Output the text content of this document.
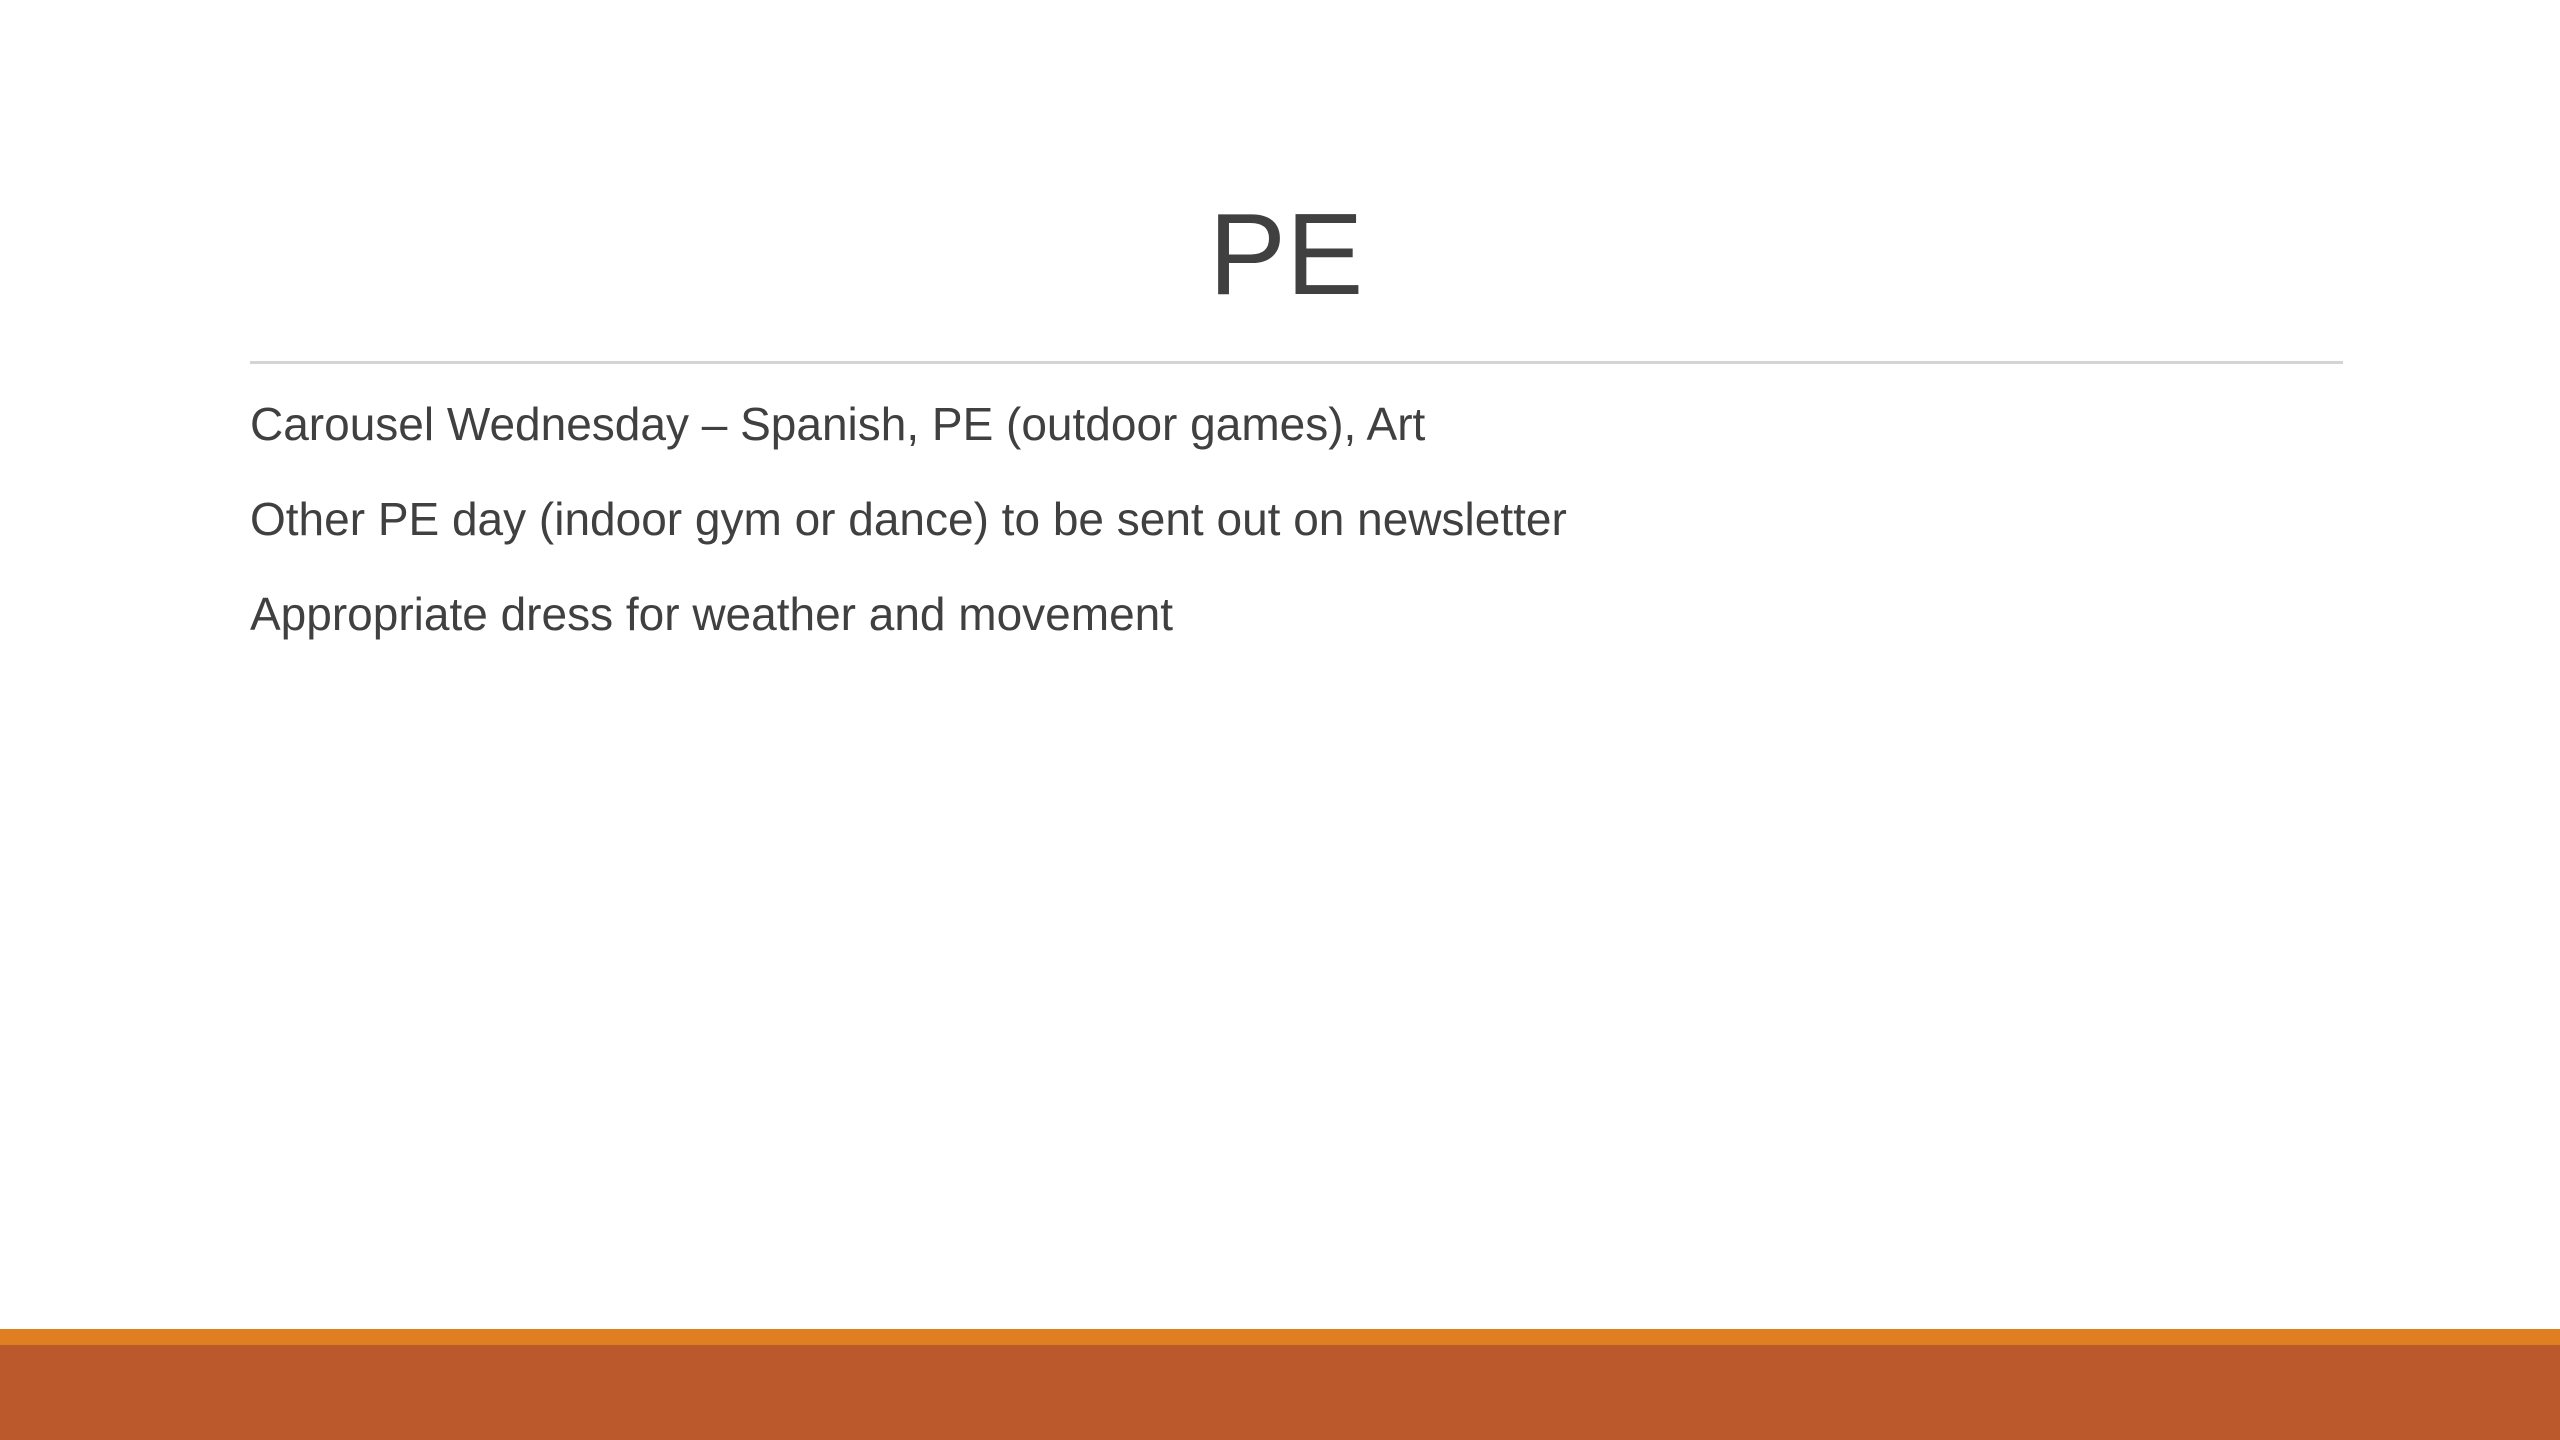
PE
Carousel Wednesday – Spanish, PE (outdoor games), Art
Other PE day (indoor gym or dance) to be sent out on newsletter
Appropriate dress for weather and movement
